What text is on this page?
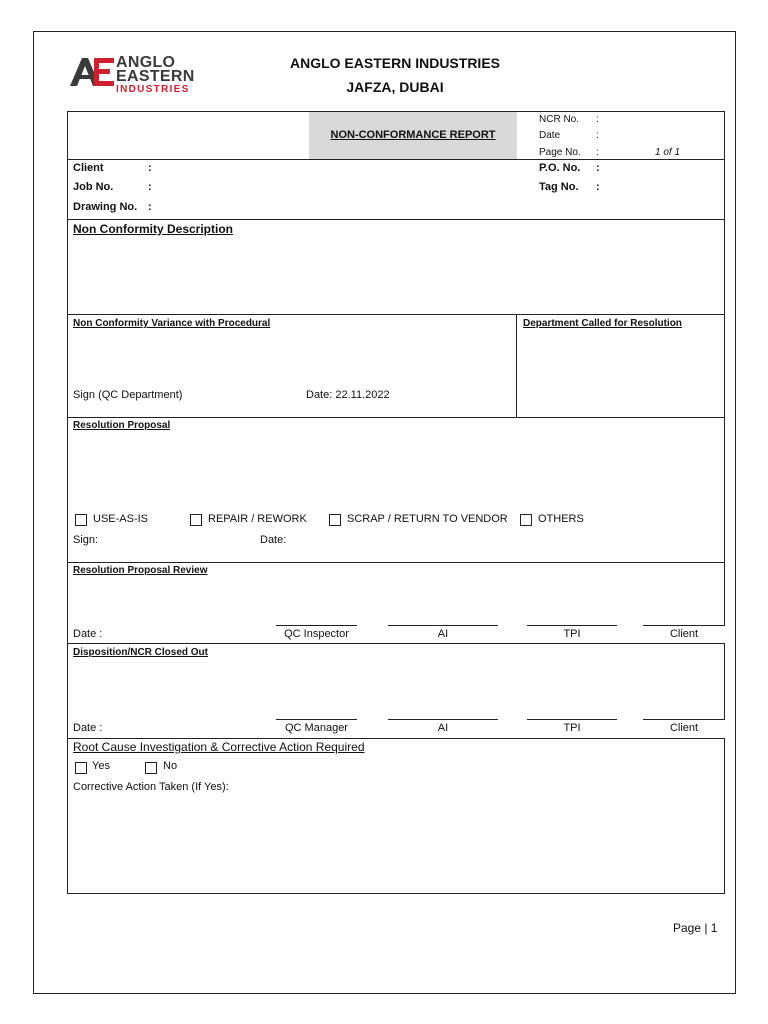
ANGLO
EASTERN
INDUSTRIES
ANGLO EASTERN INDUSTRIES
JAFZA, DUBAI
NON-CONFORMANCE REPORT
NCR No. :
Date	:
Page No. :	1 of 1
Client	:
Job No.	:
Drawing No. :
P.O. No. :
Tag No. :
Non Conformity Description
Non Conformity Variance with Procedural	Department Called for Resolution
Sign (QC Department)	Date: 22.11.2022
Resolution Proposal
USE-AS-IS	REPAIR / REWORK	SCRAP / RETURN TO VENDOR	OTHERS
Sign:	Date:
Resolution Proposal Review
Date :	QC Inspector	AI	TPI	Client
Disposition/NCR Closed Out
Date :	QC Manager	AI	TPI	Client
Root Cause Investigation & Corrective Action Required
Yes	No
Corrective Action Taken (If Yes):
Page | 1
